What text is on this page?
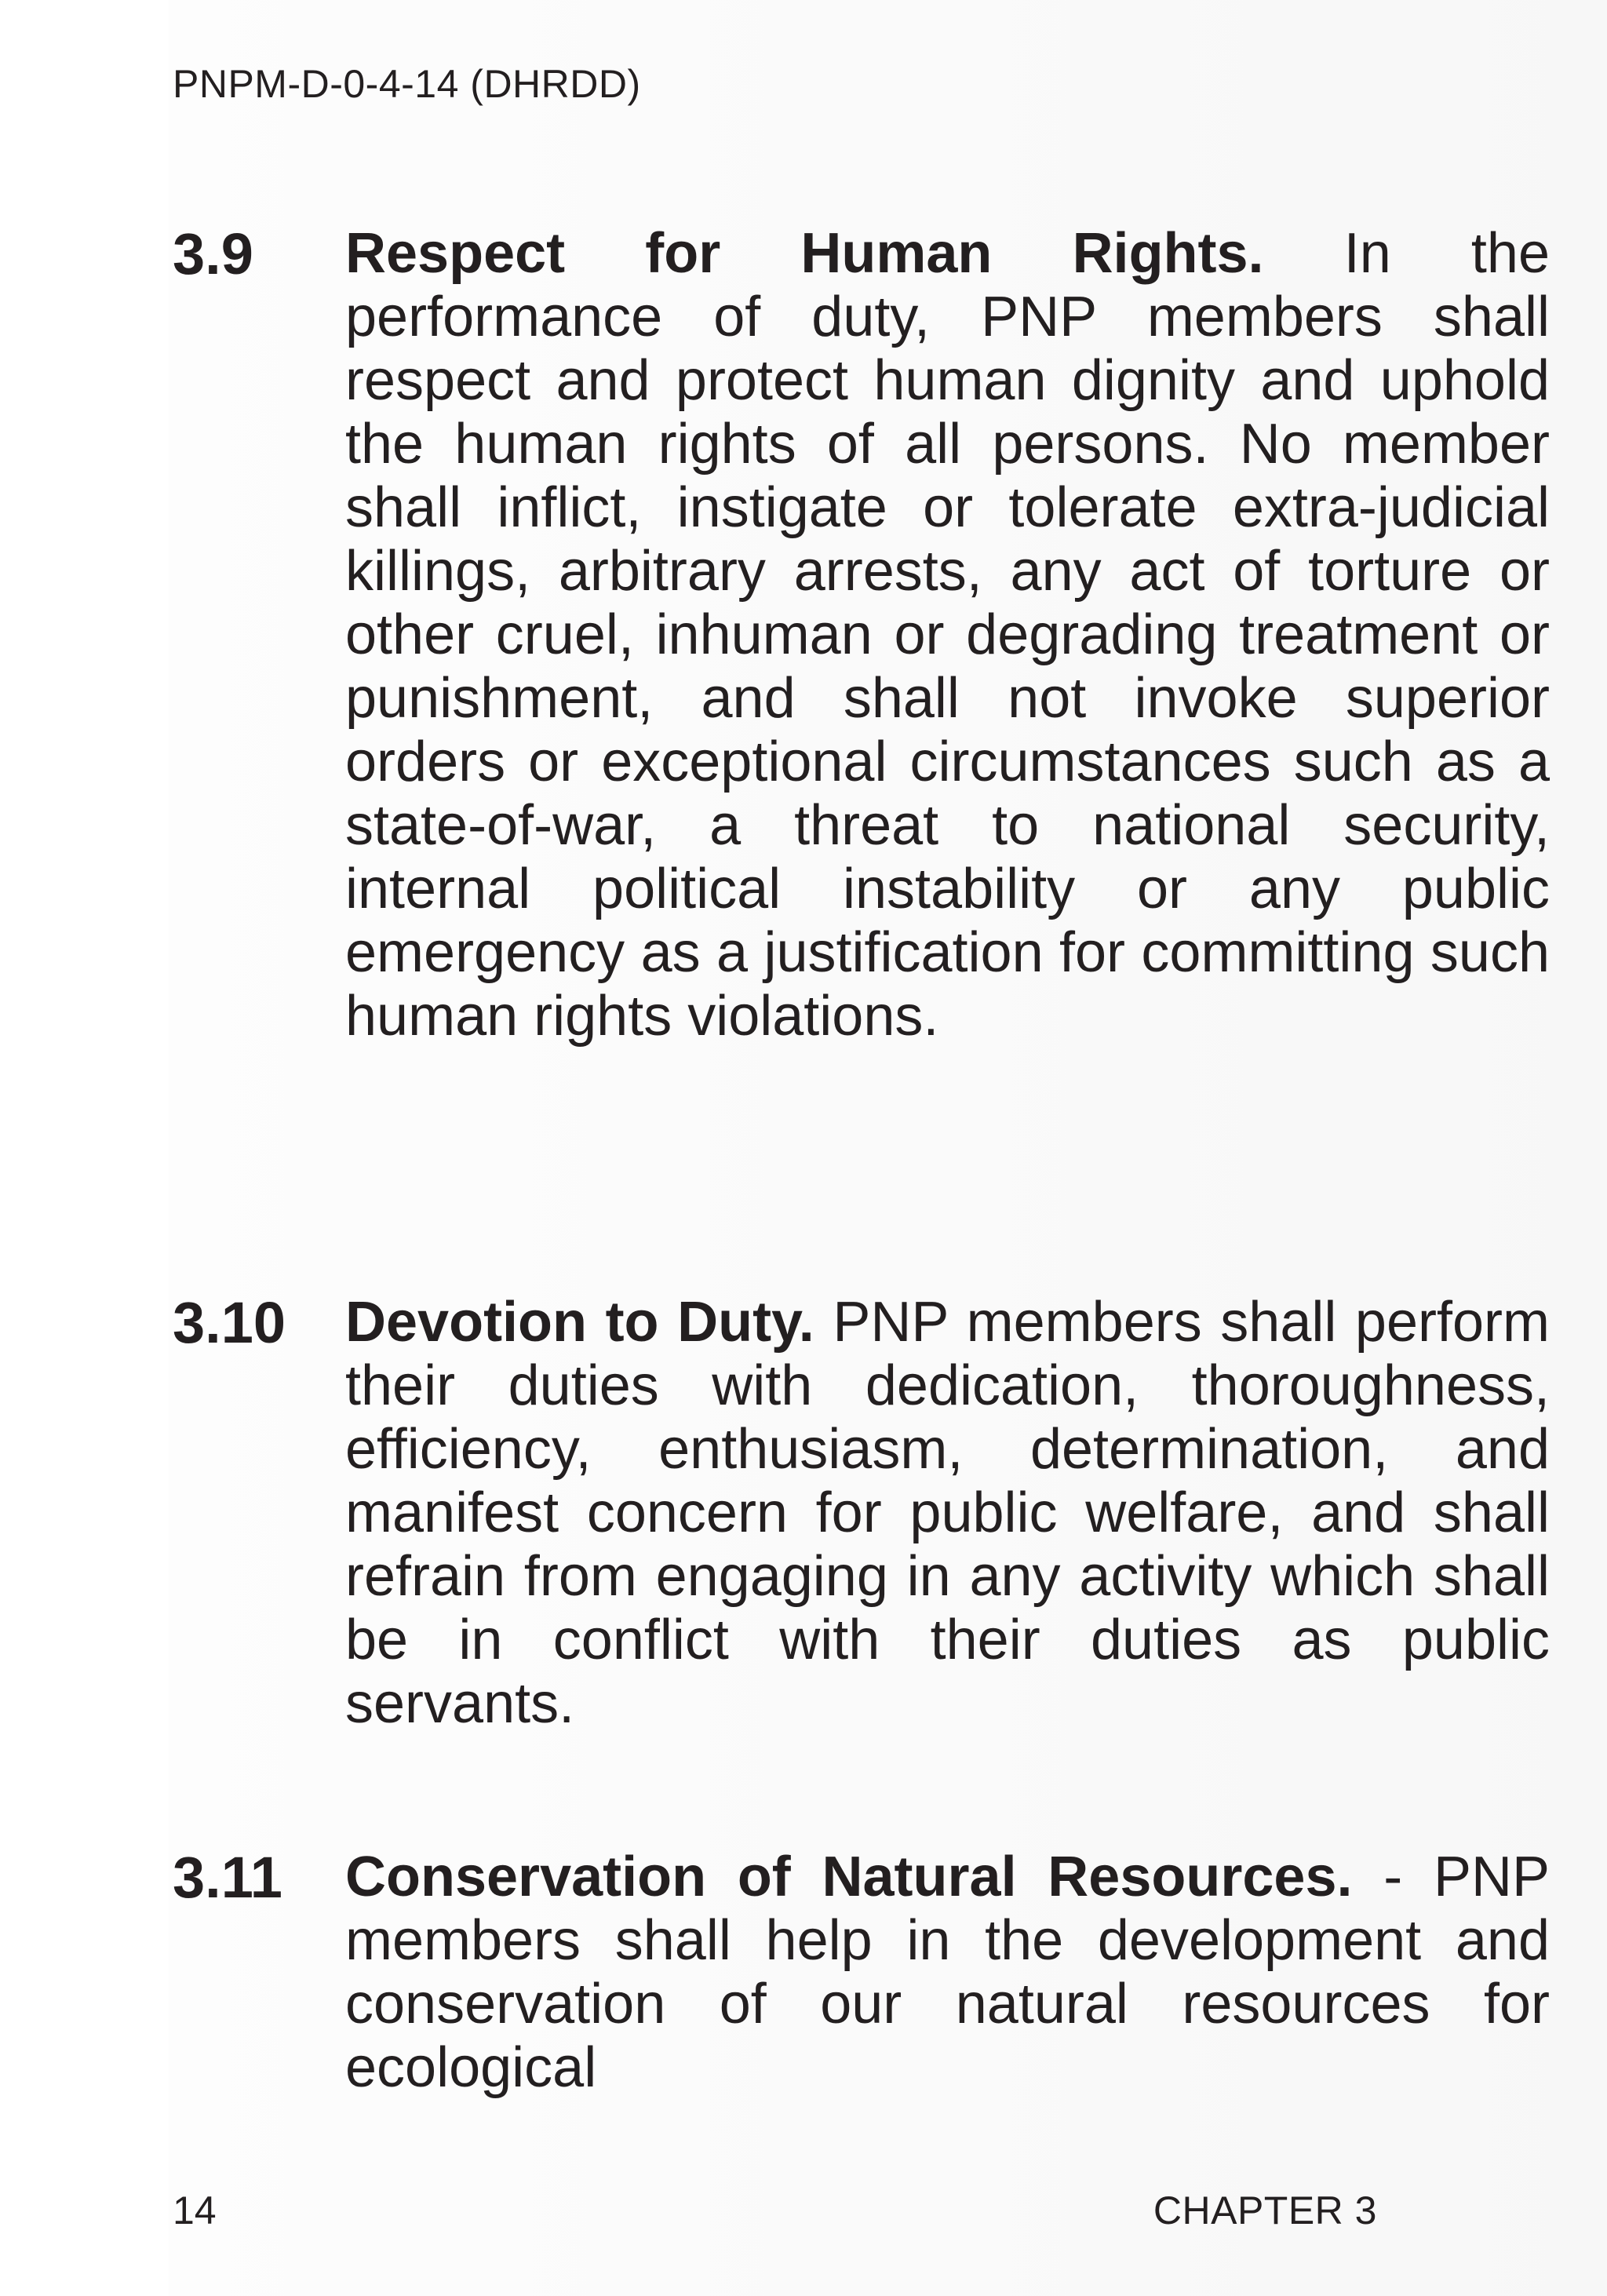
PNPM-D-0-4-14 (DHRDD)
3.9 Respect for Human Rights. In the performance of duty, PNP members shall respect and protect human dignity and uphold the human rights of all persons. No member shall inflict, instigate or tolerate extra-judicial killings, arbitrary arrests, any act of torture or other cruel, inhuman or degrading treatment or punishment, and shall not invoke superior orders or exceptional circumstances such as a state-of-war, a threat to national security, internal political instability or any public emergency as a justification for committing such human rights violations.
3.10 Devotion to Duty. PNP members shall perform their duties with dedication, thoroughness, efficiency, enthusiasm, determination, and manifest concern for public welfare, and shall refrain from engaging in any activity which shall be in conflict with their duties as public servants.
3.11 Conservation of Natural Resources. - PNP members shall help in the development and conservation of our natural resources for ecological
14	CHAPTER 3
